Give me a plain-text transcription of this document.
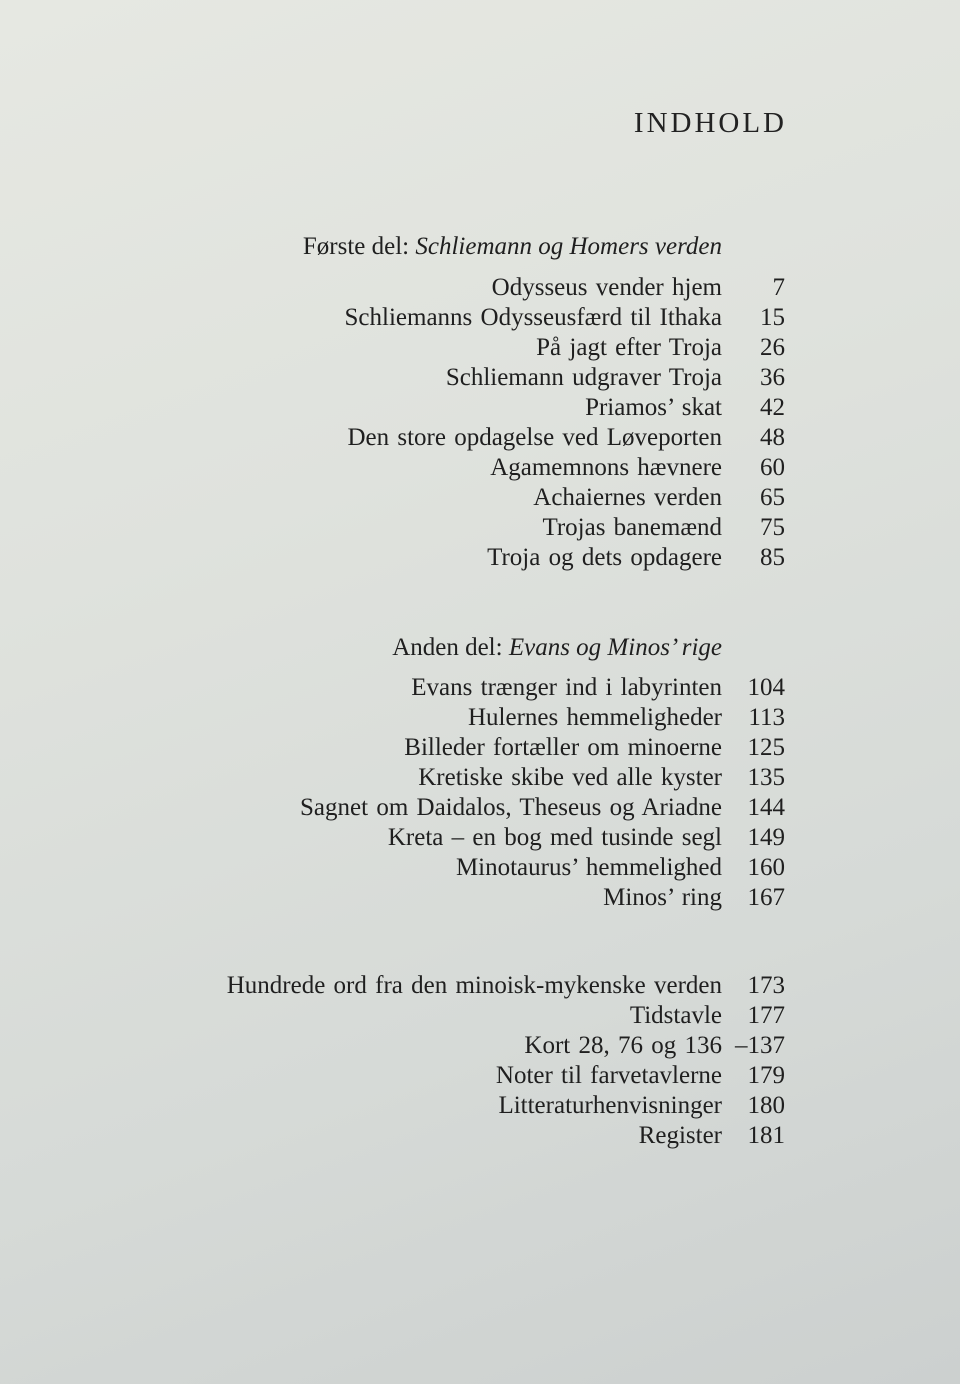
INDHOLD
Første del: Schliemann og Homers verden
Odysseus vender hjem 7
Schliemanns Odysseusfærd til Ithaka 15
På jagt efter Troja 26
Schliemann udgraver Troja 36
Priamos’ skat 42
Den store opdagelse ved Løveporten 48
Agamemnons hævnere 60
Achaiernes verden 65
Trojas banemænd 75
Troja og dets opdagere 85
Anden del: Evans og Minos’ rige
Evans trænger ind i labyrinten 104
Hulernes hemmeligheder 113
Billeder fortæller om minoerne 125
Kretiske skibe ved alle kyster 135
Sagnet om Daidalos, Theseus og Ariadne 144
Kreta – en bog med tusinde segl 149
Minotaurus’ hemmelighed 160
Minos’ ring 167
Hundrede ord fra den minoisk-mykenske verden 173
Tidstavle 177
Kort 28, 76 og 136 –137
Noter til farvetavlerne 179
Litteraturhenvisninger 180
Register 181
